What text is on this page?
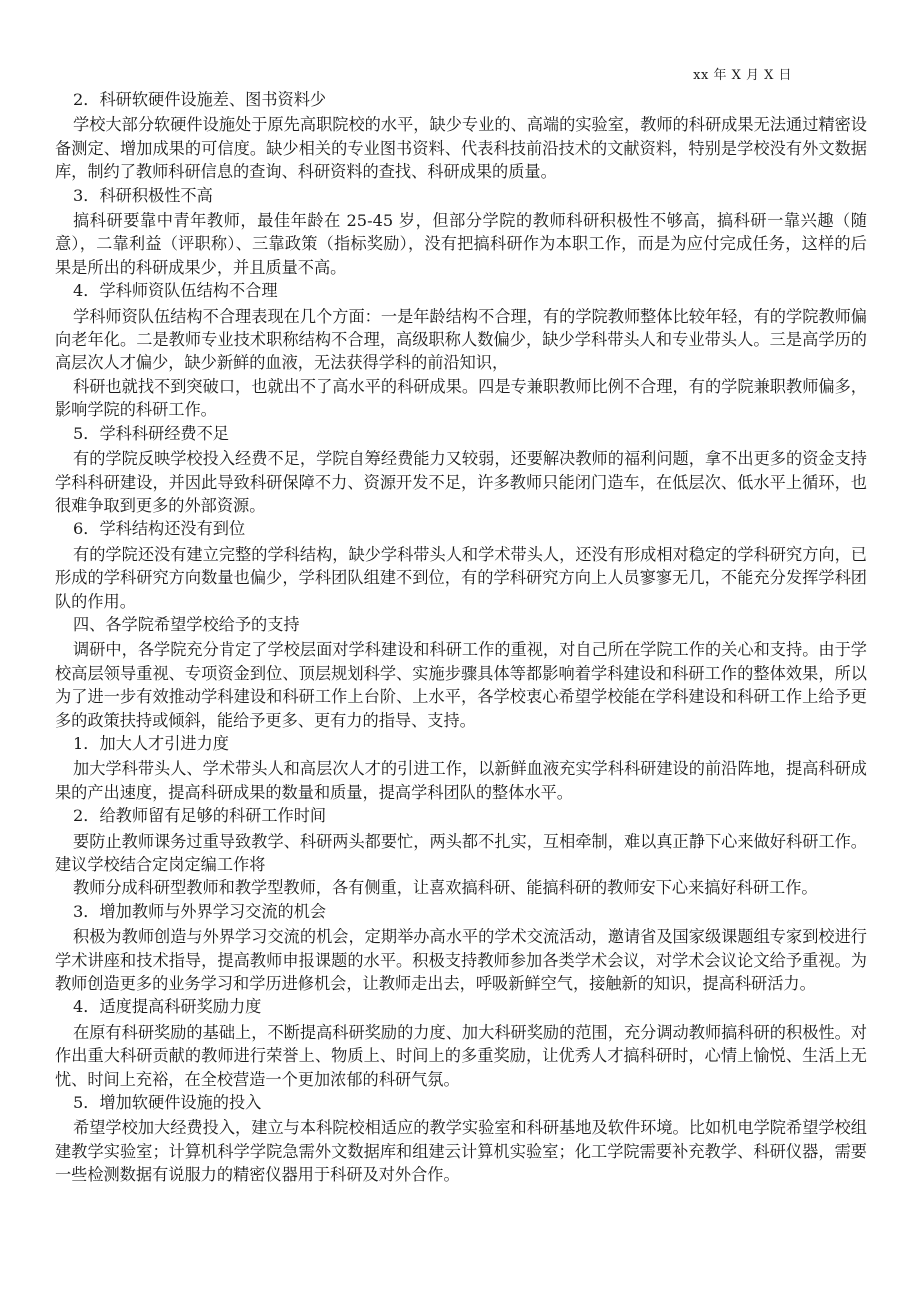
xx 年 X 月 X 日

2．科研软硬件设施差、图书资料少

学校大部分软硬件设施处于原先高职院校的水平，缺少专业的、高端的实验室，教师的科研成果无法通过精密设备测定、增加成果的可信度。缺少相关的专业图书资料、代表科技前沿技术的文献资料，特别是学校没有外文数据库，制约了教师科研信息的查询、科研资料的查找、科研成果的质量。

3．科研积极性不高

搞科研要靠中青年教师，最佳年龄在 25-45 岁，但部分学院的教师科研积极性不够高，搞科研一靠兴趣（随意），二靠利益（评职称）、三靠政策（指标奖励），没有把搞科研作为本职工作，而是为应付完成任务，这样的后果是所出的科研成果少，并且质量不高。

4．学科师资队伍结构不合理

学科师资队伍结构不合理表现在几个方面：一是年龄结构不合理，有的学院教师整体比较年轻，有的学院教师偏向老年化。二是教师专业技术职称结构不合理，高级职称人数偏少，缺少学科带头人和专业带头人。三是高学历的高层次人才偏少，缺少新鲜的血液，无法获得学科的前沿知识，

科研也就找不到突破口，也就出不了高水平的科研成果。四是专兼职教师比例不合理，有的学院兼职教师偏多，影响学院的科研工作。

5．学科科研经费不足

有的学院反映学校投入经费不足，学院自筹经费能力又较弱，还要解决教师的福利问题，拿不出更多的资金支持学科科研建设，并因此导致科研保障不力、资源开发不足，许多教师只能闭门造车，在低层次、低水平上循环，也很难争取到更多的外部资源。

6．学科结构还没有到位

有的学院还没有建立完整的学科结构，缺少学科带头人和学术带头人，还没有形成相对稳定的学科研究方向，已形成的学科研究方向数量也偏少，学科团队组建不到位，有的学科研究方向上人员寥寥无几，不能充分发挥学科团队的作用。

四、各学院希望学校给予的支持

调研中，各学院充分肯定了学校层面对学科建设和科研工作的重视，对自己所在学院工作的关心和支持。由于学校高层领导重视、专项资金到位、顶层规划科学、实施步骤具体等都影响着学科建设和科研工作的整体效果，所以为了进一步有效推动学科建设和科研工作上台阶、上水平，各学校衷心希望学校能在学科建设和科研工作上给予更多的政策扶持或倾斜，能给予更多、更有力的指导、支持。

1．加大人才引进力度

加大学科带头人、学术带头人和高层次人才的引进工作，以新鲜血液充实学科科研建设的前沿阵地，提高科研成果的产出速度，提高科研成果的数量和质量，提高学科团队的整体水平。

2．给教师留有足够的科研工作时间

要防止教师课务过重导致教学、科研两头都要忙，两头都不扎实，互相牵制，难以真正静下心来做好科研工作。建议学校结合定岗定编工作将

教师分成科研型教师和教学型教师，各有侧重，让喜欢搞科研、能搞科研的教师安下心来搞好科研工作。

3．增加教师与外界学习交流的机会

积极为教师创造与外界学习交流的机会，定期举办高水平的学术交流活动，邀请省及国家级课题组专家到校进行学术讲座和技术指导，提高教师申报课题的水平。积极支持教师参加各类学术会议，对学术会议论文给予重视。为教师创造更多的业务学习和学历进修机会，让教师走出去，呼吸新鲜空气，接触新的知识，提高科研活力。

4．适度提高科研奖励力度

在原有科研奖励的基础上，不断提高科研奖励的力度、加大科研奖励的范围，充分调动教师搞科研的积极性。对作出重大科研贡献的教师进行荣誉上、物质上、时间上的多重奖励，让优秀人才搞科研时，心情上愉悦、生活上无忧、时间上充裕，在全校营造一个更加浓郁的科研气氛。

5．增加软硬件设施的投入

希望学校加大经费投入，建立与本科院校相适应的教学实验室和科研基地及软件环境。比如机电学院希望学校组建教学实验室；计算机科学学院急需外文数据库和组建云计算机实验室；化工学院需要补充教学、科研仪器，需要一些检测数据有说服力的精密仪器用于科研及对外合作。
